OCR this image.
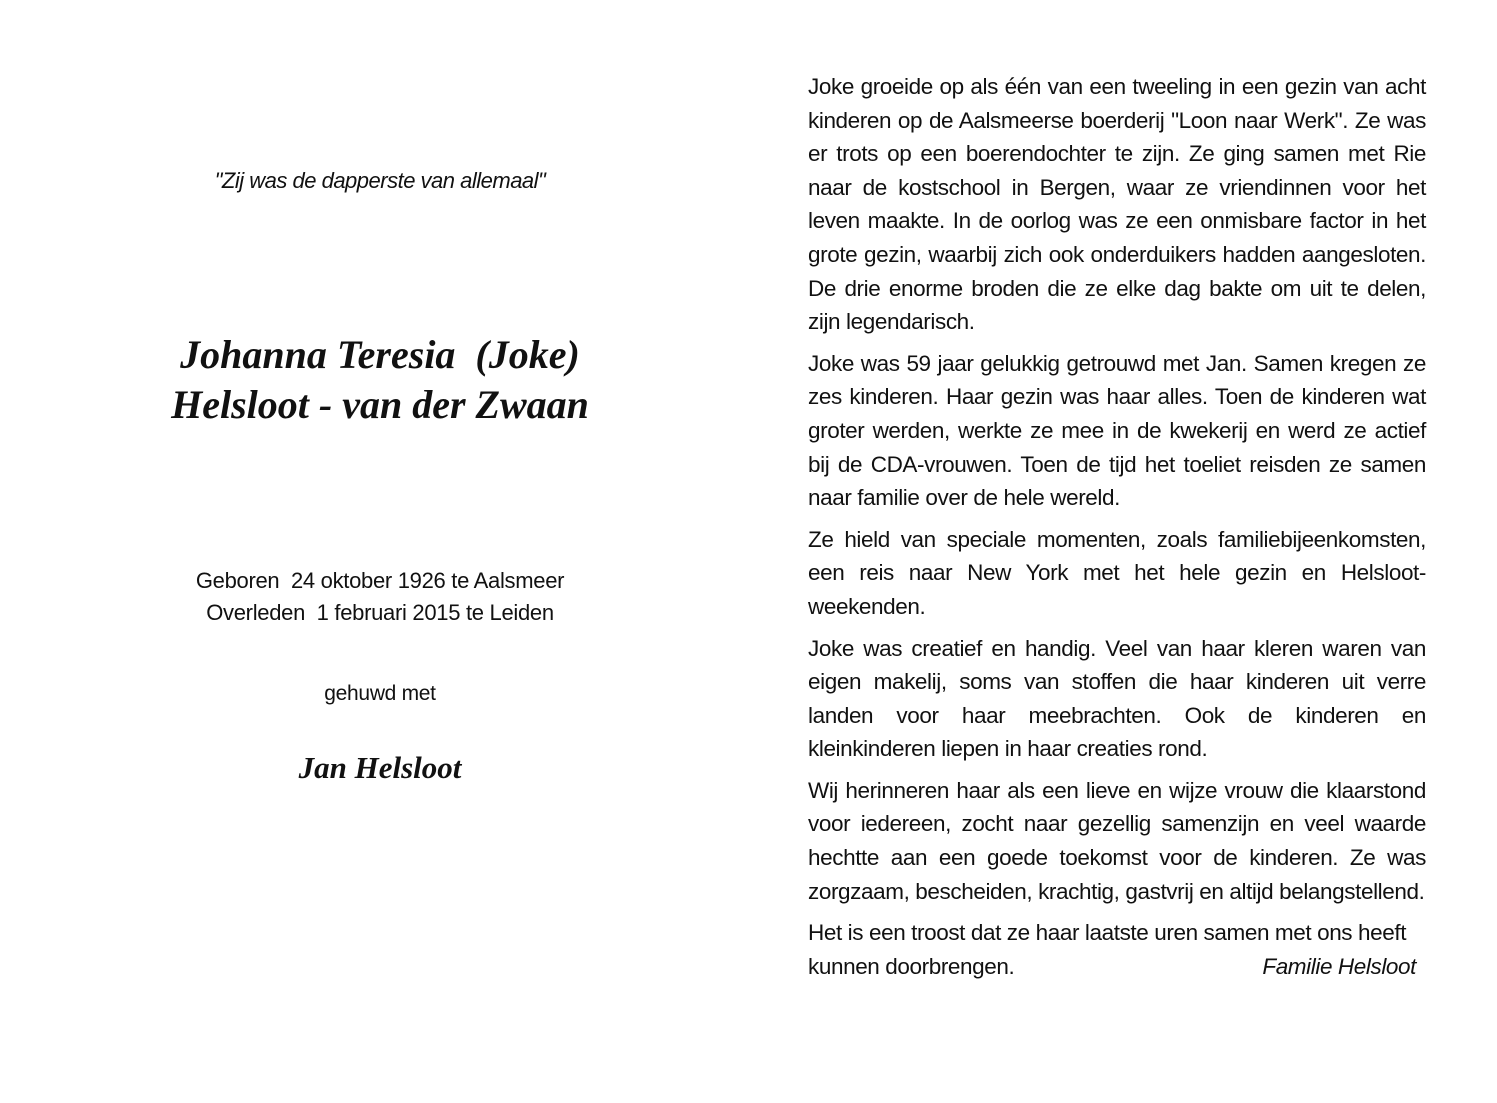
"Zij was de dapperste van allemaal"
Johanna Teresia  (Joke)
Helsloot - van der Zwaan
Geboren  24 oktober 1926 te Aalsmeer
Overleden  1 februari 2015 te Leiden
gehuwd met
Jan Helsloot

Joke groeide op als één van een tweeling in een gezin van acht kinderen op de Aalsmeerse boerderij "Loon naar Werk". Ze was er trots op een boerendochter te zijn. Ze ging samen met Rie naar de kostschool in Bergen, waar ze vriendinnen voor het leven maakte. In de oorlog was ze een onmisbare factor in het grote gezin, waarbij zich ook onderduikers hadden aangesloten. De drie enorme broden die ze elke dag bakte om uit te delen, zijn legendarisch.

Joke was 59 jaar gelukkig getrouwd met Jan. Samen kregen ze zes kinderen. Haar gezin was haar alles. Toen de kinderen wat groter werden, werkte ze mee in de kwekerij en werd ze actief bij de CDA-vrouwen. Toen de tijd het toeliet reisden ze samen naar familie over de hele wereld.

Ze hield van speciale momenten, zoals familiebijeenkomsten, een reis naar New York met het hele gezin en Helsloot-weekenden.

Joke was creatief en handig. Veel van haar kleren waren van eigen makelij, soms van stoffen die haar kinderen uit verre landen voor haar meebrachten. Ook de kinderen en kleinkinderen liepen in haar creaties rond.

Wij herinneren haar als een lieve en wijze vrouw die klaarstond voor iedereen, zocht naar gezellig samenzijn en veel waarde hechtte aan een goede toekomst voor de kinderen. Ze was zorgzaam, bescheiden, krachtig, gastvrij en altijd belangstellend.

Het is een troost dat ze haar laatste uren samen met ons heeft
kunnen doorbrengen.	Familie Helsloot
